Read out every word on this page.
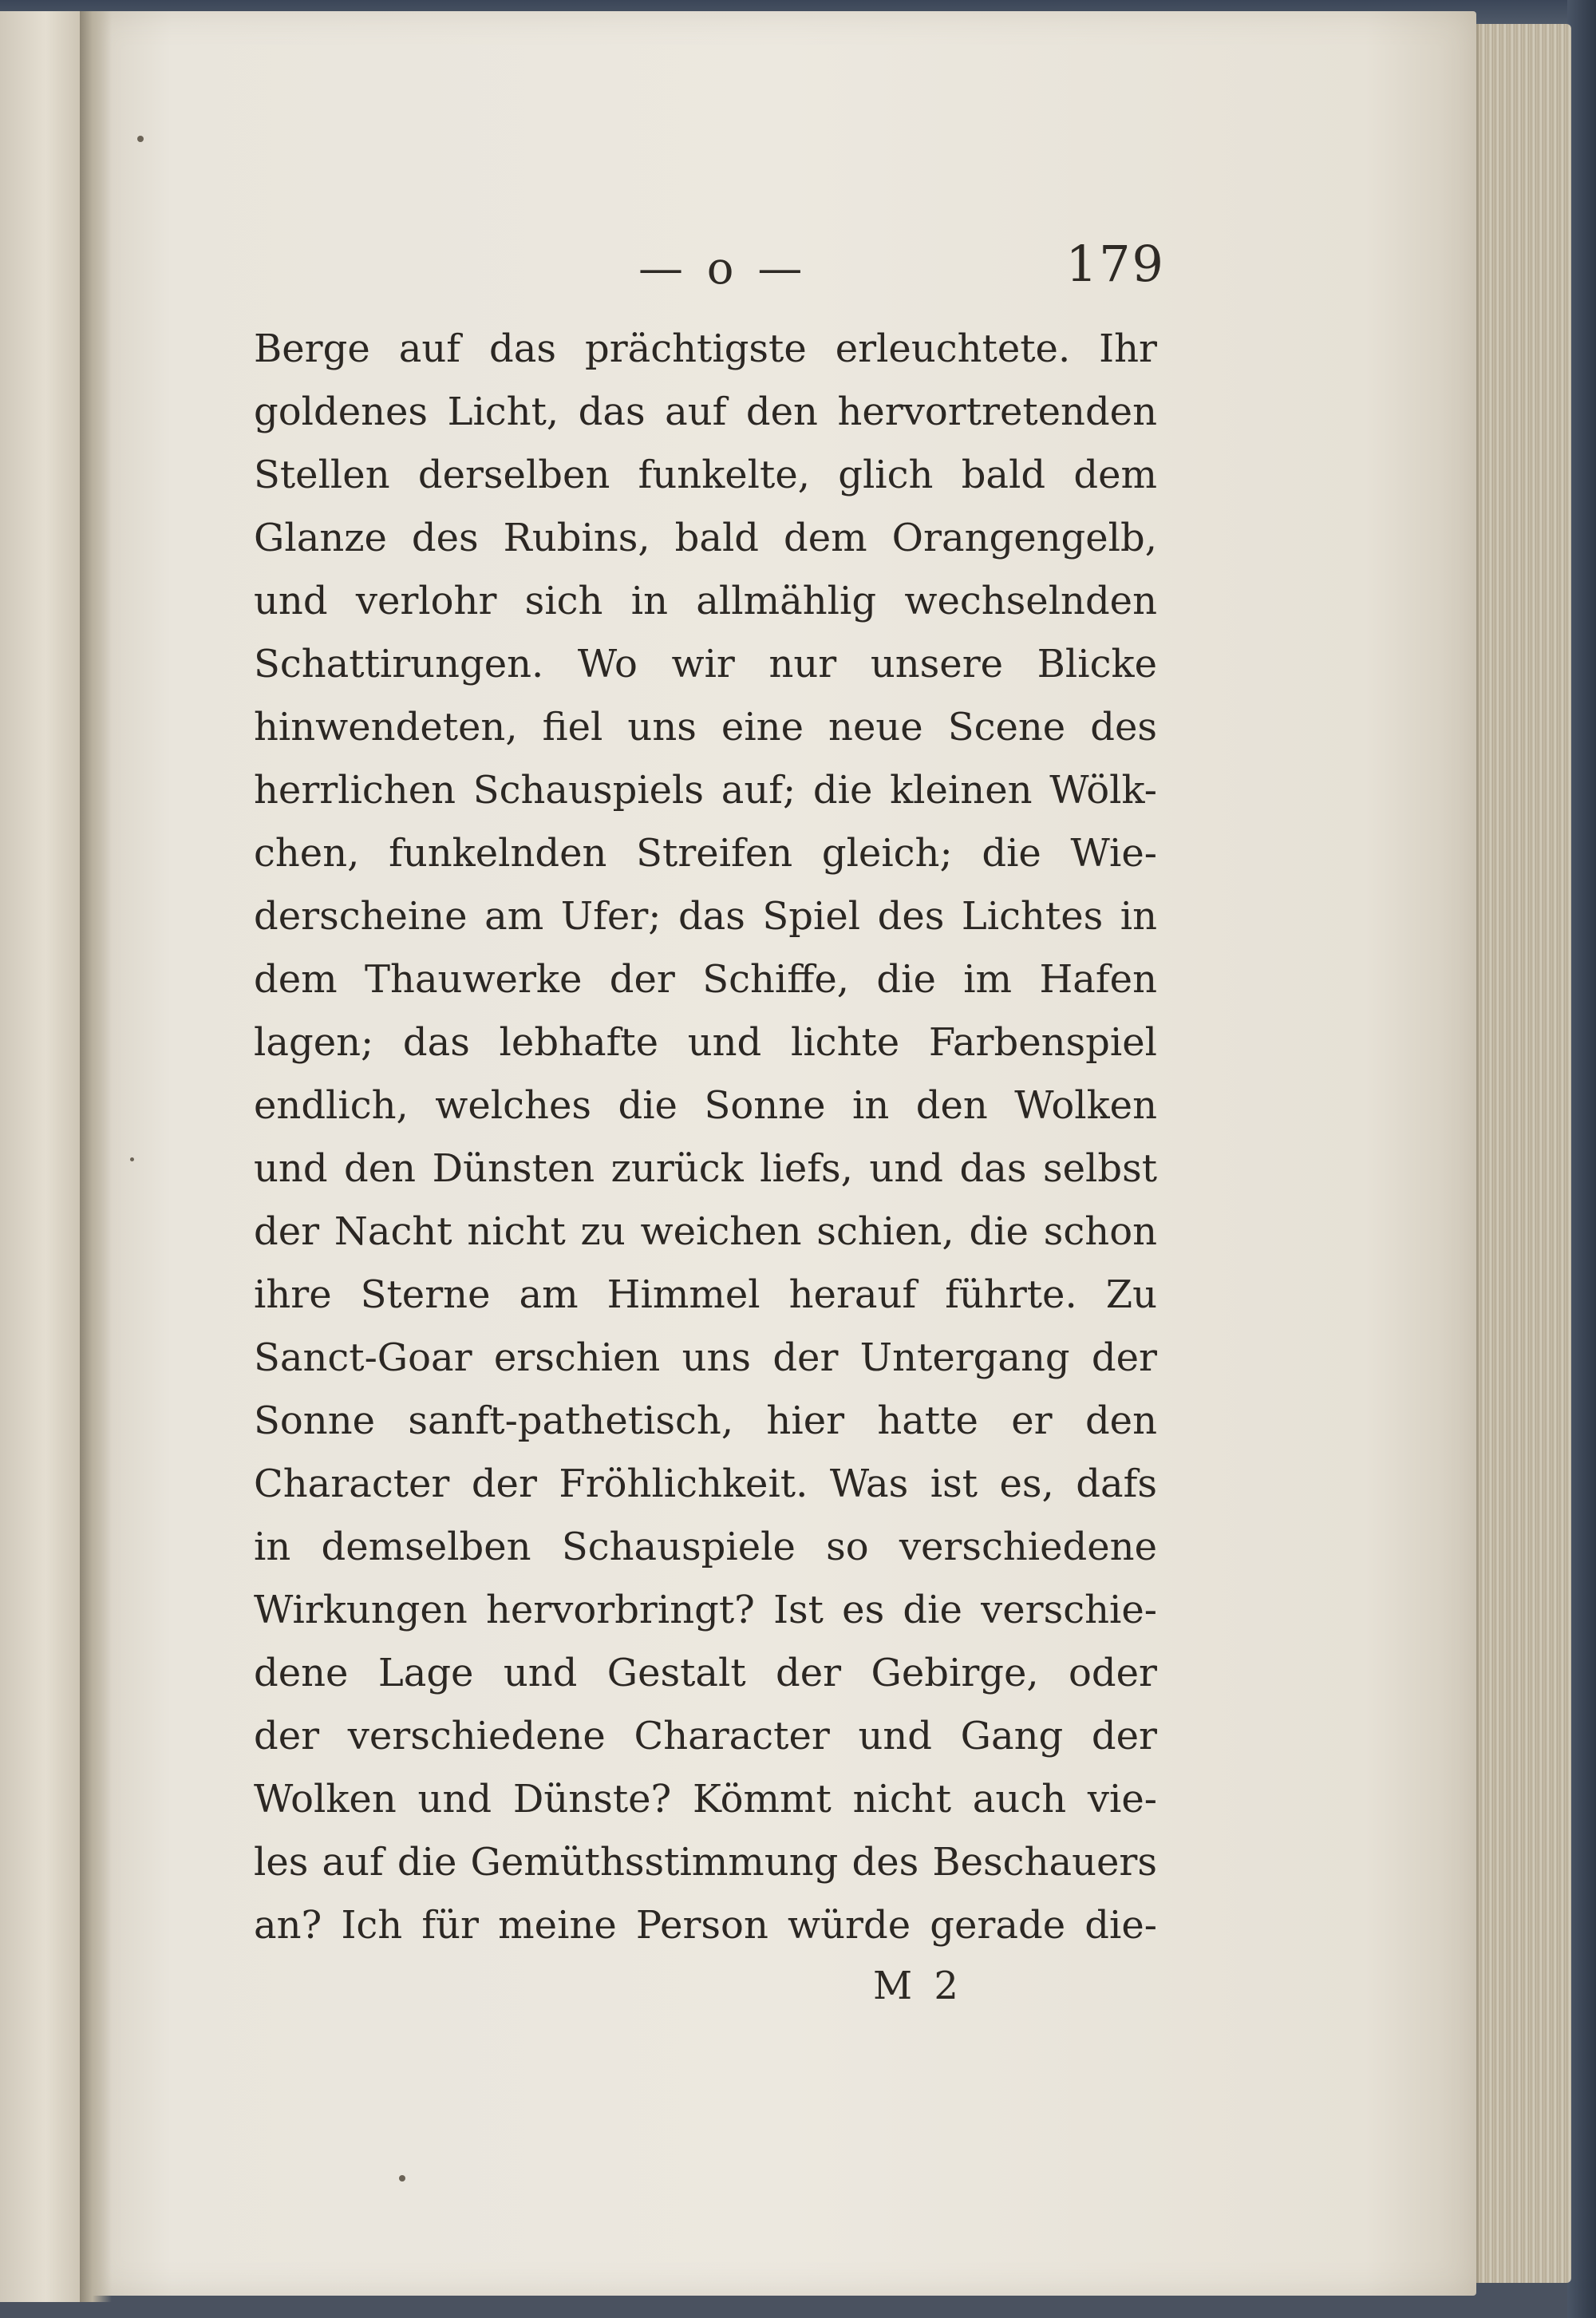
— o —	179
Berge auf das prächtigste erleuchtete. Ihr
goldenes Licht, das auf den hervortretenden
Stellen derselben funkelte, glich bald dem
Glanze des Rubins, bald dem Orangengelb,
und verlohr sich in allmählig wechselnden
Schattirungen. Wo wir nur unsere Blicke
hinwendeten, fiel uns eine neue Scene des
herrlichen Schauspiels auf; die kleinen Wölk-
chen, funkelnden Streifen gleich; die Wie-
derscheine am Ufer; das Spiel des Lichtes in
dem Thauwerke der Schiffe, die im Hafen
lagen; das lebhafte und lichte Farbenspiel
endlich, welches die Sonne in den Wolken
und den Dünsten zurück liefs, und das selbst
der Nacht nicht zu weichen schien, die schon
ihre Sterne am Himmel herauf führte. Zu
Sanct-Goar erschien uns der Untergang der
Sonne sanft-pathetisch, hier hatte er den
Character der Fröhlichkeit. Was ist es, dafs
in demselben Schauspiele so verschiedene
Wirkungen hervorbringt? Ist es die verschie-
dene Lage und Gestalt der Gebirge, oder
der verschiedene Character und Gang der
Wolken und Dünste? Kömmt nicht auch vie-
les auf die Gemüthsstimmung des Beschauers
an? Ich für meine Person würde gerade die-
M 2
